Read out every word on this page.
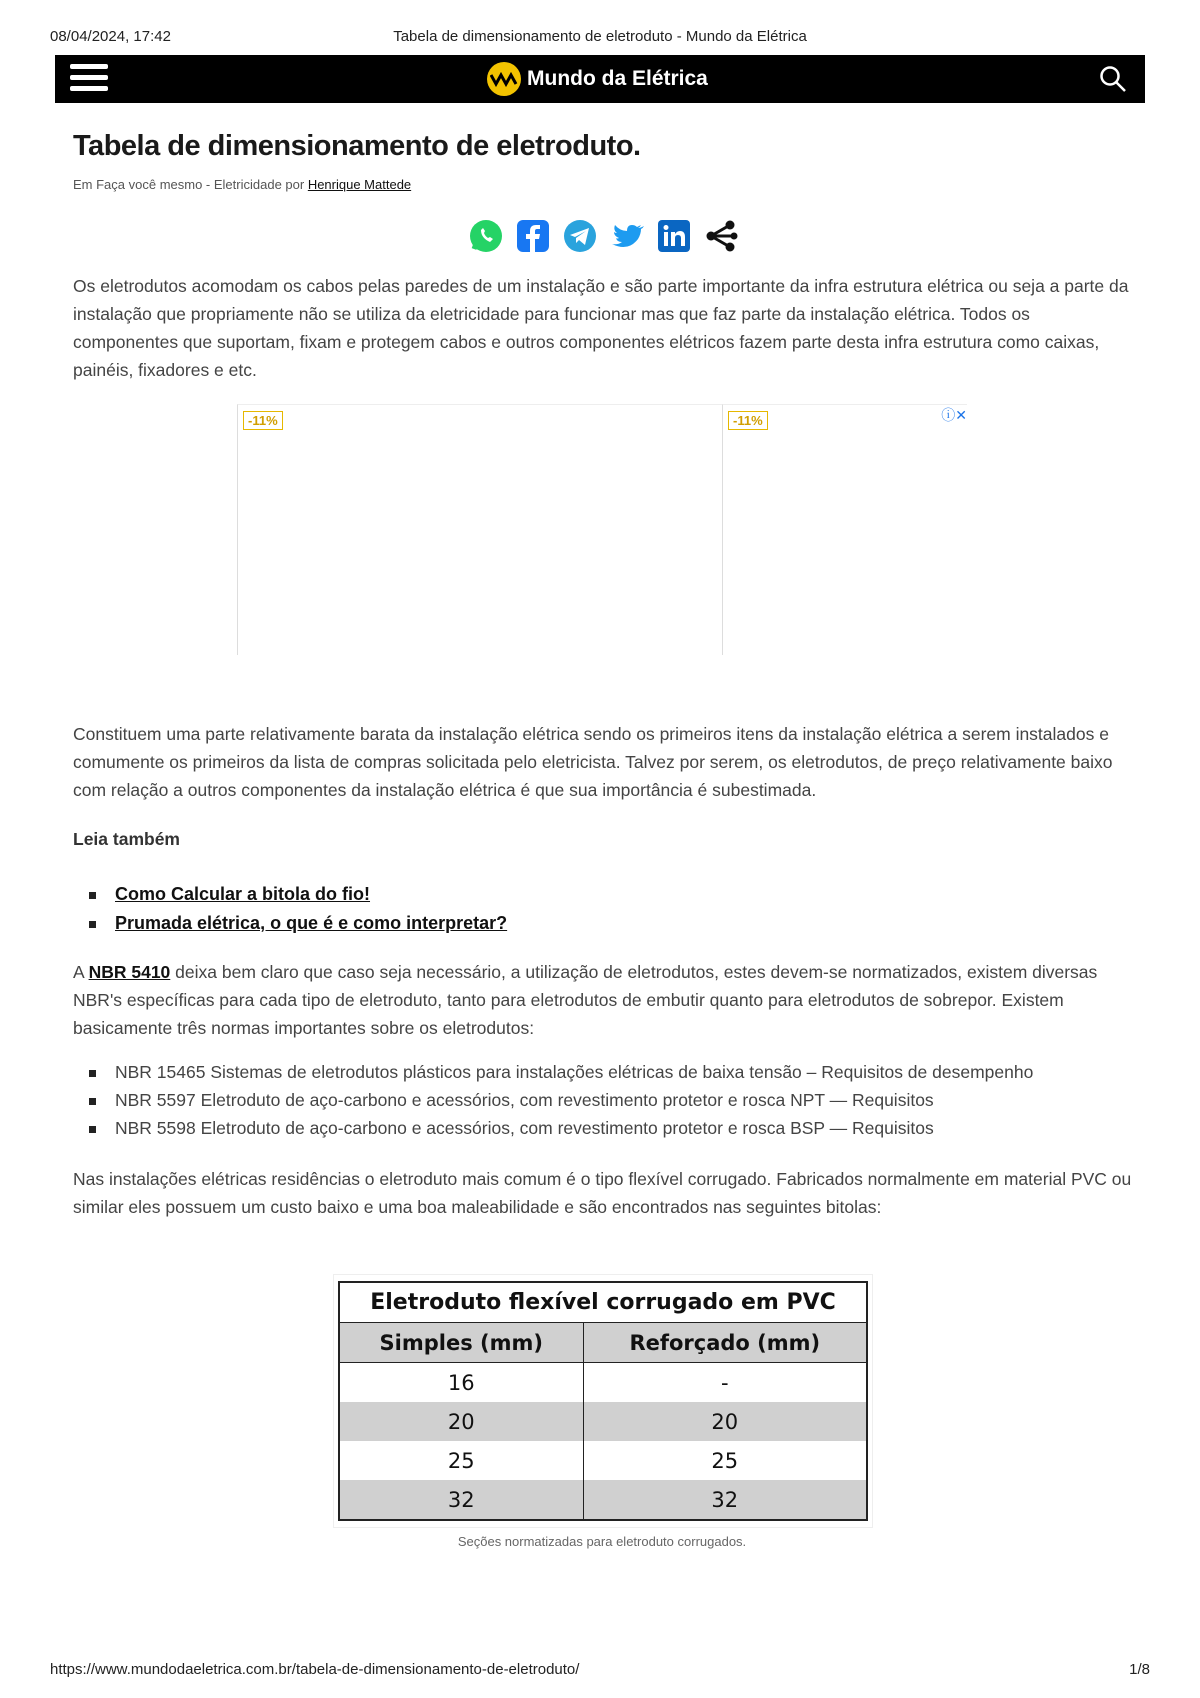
08/04/2024, 17:42	Tabela de dimensionamento de eletroduto - Mundo da Elétrica
Mundo da Elétrica
Tabela de dimensionamento de eletroduto.
Em Faça você mesmo - Eletricidade por Henrique Mattede

Os eletrodutos acomodam os cabos pelas paredes de um instalação e são parte importante da infra estrutura elétrica ou seja a parte da instalação que propriamente não se utiliza da eletricidade para funcionar mas que faz parte da instalação elétrica. Todos os componentes que suportam, fixam e protegem cabos e outros componentes elétricos fazem parte desta infra estrutura como caixas, painéis, fixadores e etc.

-11%	-11%	ⓘ✕

Constituem uma parte relativamente barata da instalação elétrica sendo os primeiros itens da instalação elétrica a serem instalados e comumente os primeiros da lista de compras solicitada pelo eletricista. Talvez por serem, os eletrodutos, de preço relativamente baixo com relação a outros componentes da instalação elétrica é que sua importância é subestimada.

Leia também
Como Calcular a bitola do fio!
Prumada elétrica, o que é e como interpretar?

A NBR 5410 deixa bem claro que caso seja necessário, a utilização de eletrodutos, estes devem-se normatizados, existem diversas NBR's específicas para cada tipo de eletroduto, tanto para eletrodutos de embutir quanto para eletrodutos de sobrepor. Existem basicamente três normas importantes sobre os eletrodutos:

NBR 15465 Sistemas de eletrodutos plásticos para instalações elétricas de baixa tensão – Requisitos de desempenho
NBR 5597 Eletroduto de aço-carbono e acessórios, com revestimento protetor e rosca NPT — Requisitos
NBR 5598 Eletroduto de aço-carbono e acessórios, com revestimento protetor e rosca BSP — Requisitos

Nas instalações elétricas residências o eletroduto mais comum é o tipo flexível corrugado. Fabricados normalmente em material PVC ou similar eles possuem um custo baixo e uma boa maleabilidade e são encontrados nas seguintes bitolas:

Eletroduto flexível corrugado em PVC	
Simples (mm)	Reforçado (mm)
16	-
20	20
25	25
32	32
Seções normatizadas para eletroduto corrugados.
https://www.mundodaeletrica.com.br/tabela-de-dimensionamento-de-eletroduto/	1/8
